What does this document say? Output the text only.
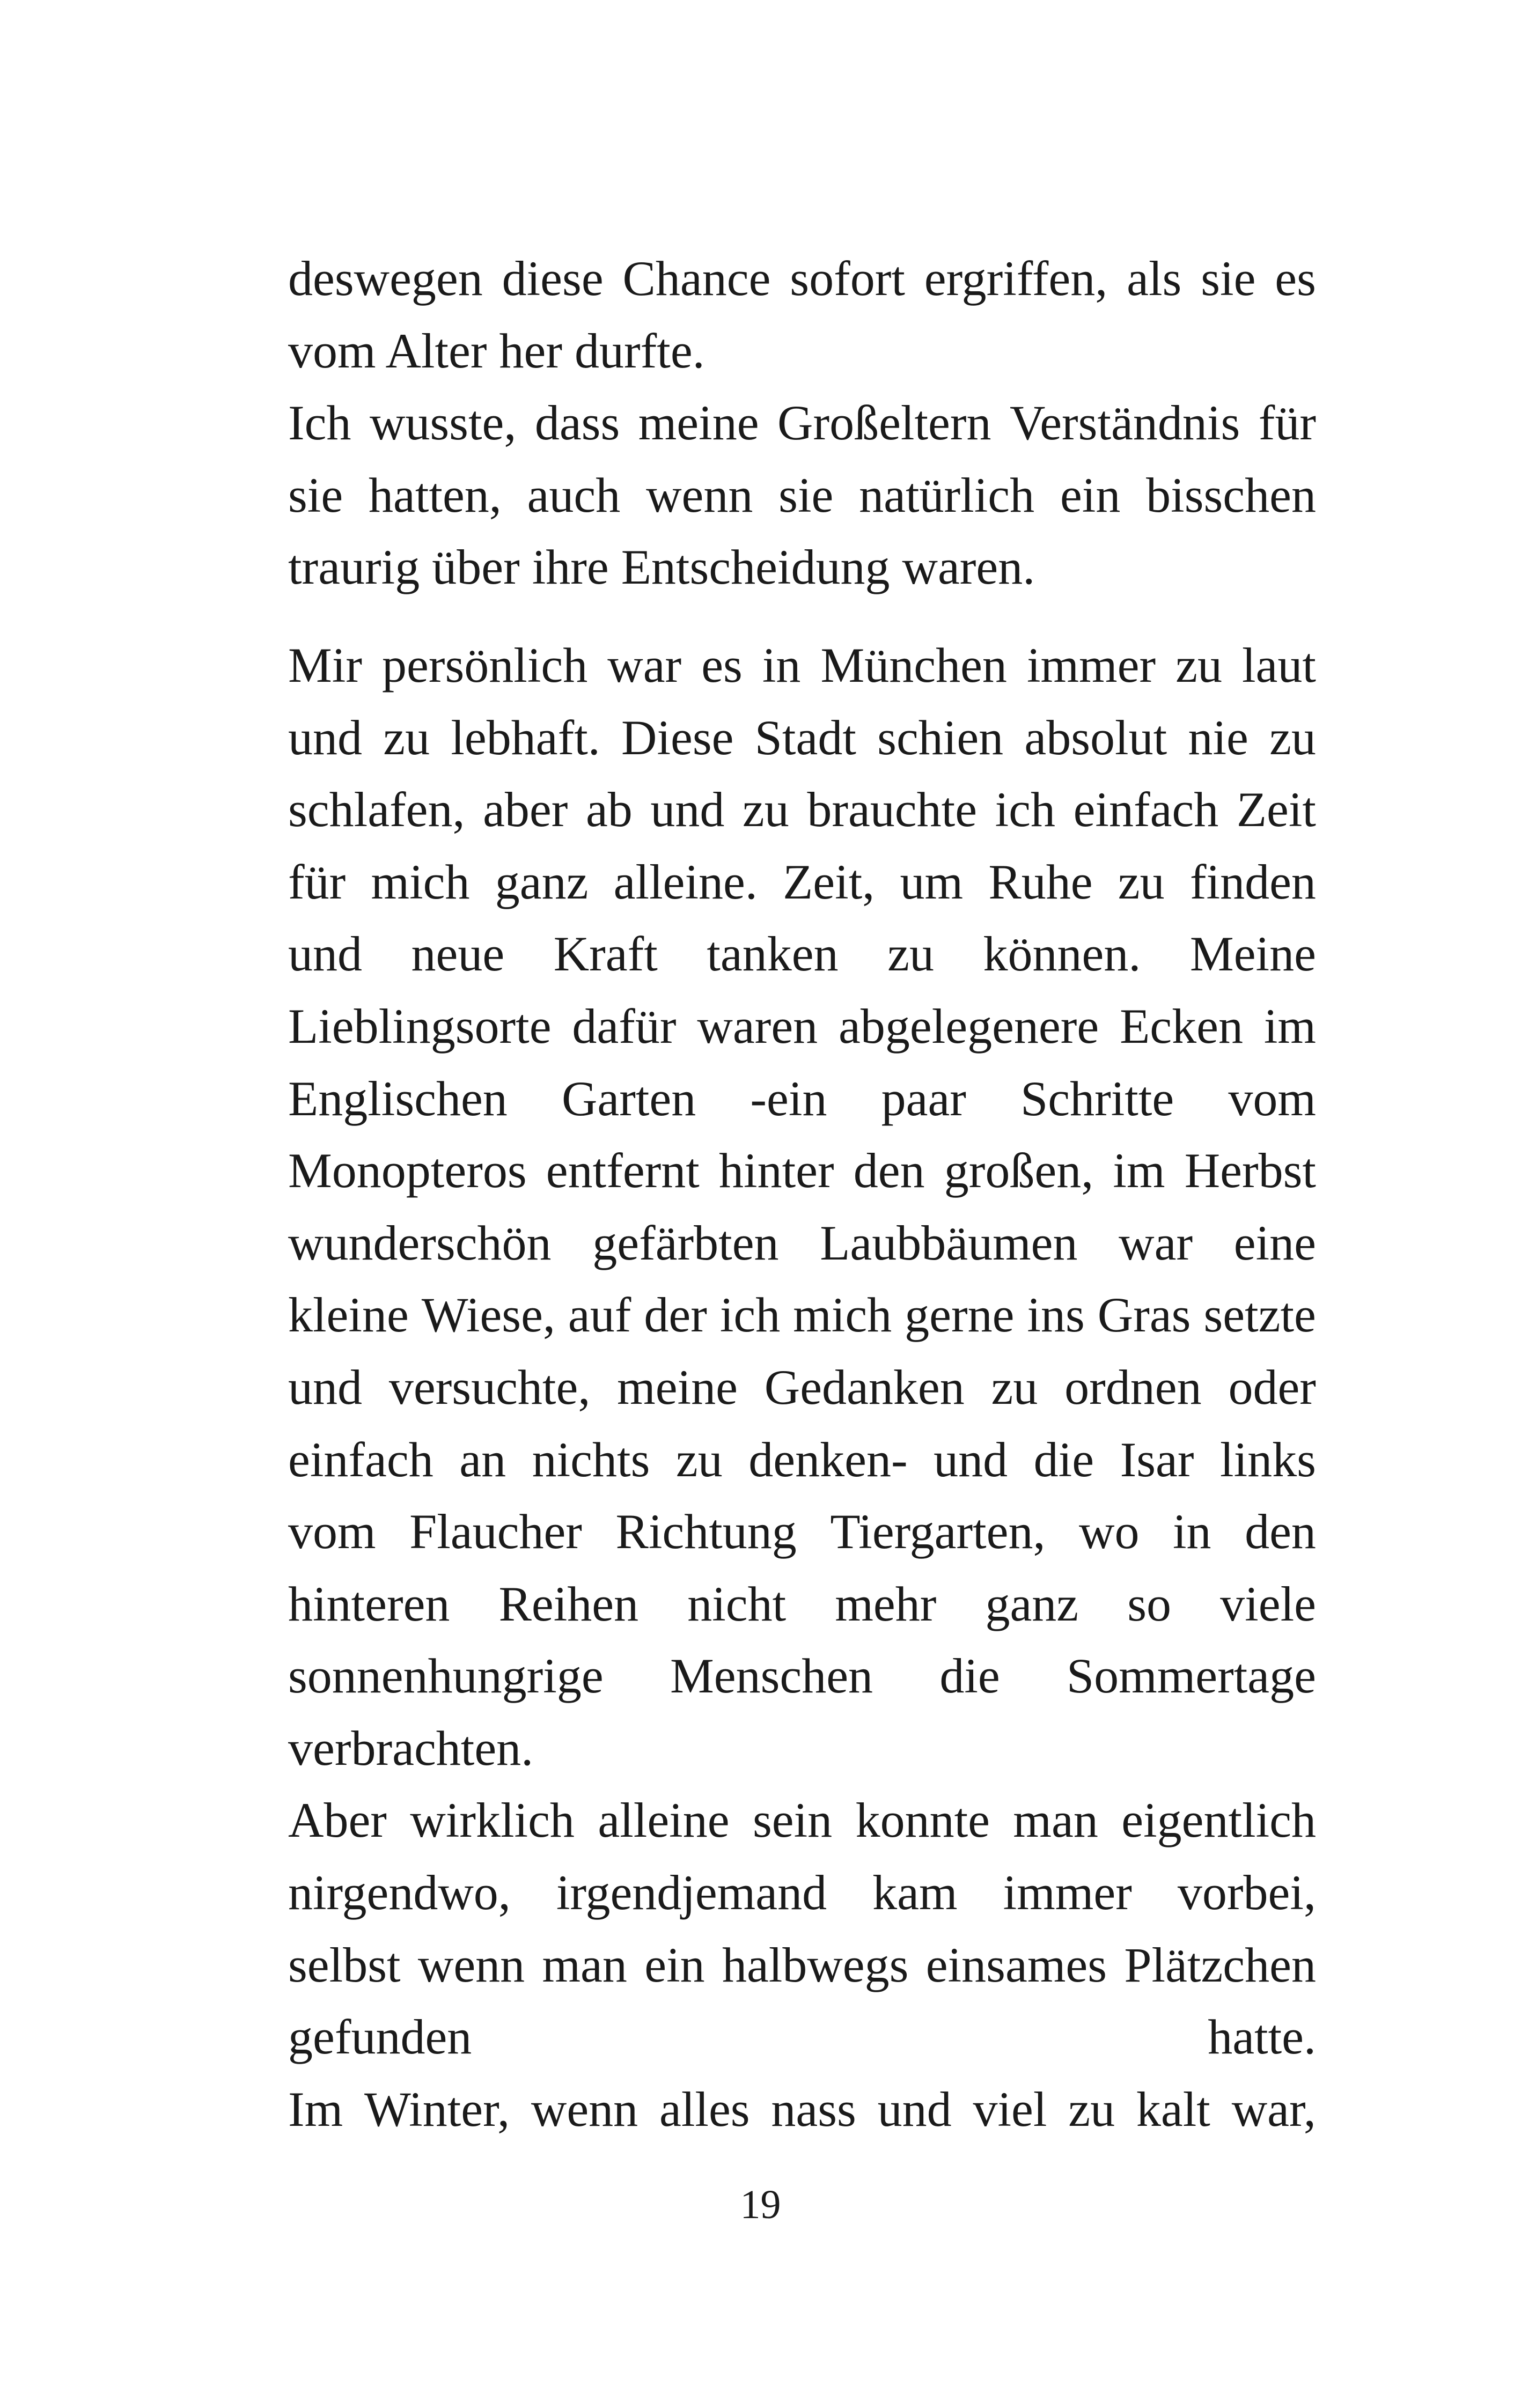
deswegen diese Chance sofort ergriffen, als sie es
vom Alter her durfte.

Ich wusste, dass meine Großeltern Verständnis für
sie hatten, auch wenn sie natürlich ein bisschen
traurig über ihre Entscheidung waren.

Mir persönlich war es in München immer zu laut
und zu lebhaft. Diese Stadt schien absolut nie zu
schlafen, aber ab und zu brauchte ich einfach Zeit
für mich ganz alleine. Zeit, um Ruhe zu finden
und neue Kraft tanken zu können. Meine
Lieblingsorte dafür waren abgelegenere Ecken im
Englischen Garten -ein paar Schritte vom
Monopteros entfernt hinter den großen, im Herbst
wunderschön gefärbten Laubbäumen war eine
kleine Wiese, auf der ich mich gerne ins Gras setzte
und versuchte, meine Gedanken zu ordnen oder
einfach an nichts zu denken- und die Isar links
vom Flaucher Richtung Tiergarten, wo in den
hinteren Reihen nicht mehr ganz so viele
sonnenhungrige Menschen die Sommertage
verbrachten.

Aber wirklich alleine sein konnte man eigentlich
nirgendwo, irgendjemand kam immer vorbei,
selbst wenn man ein halbwegs einsames Plätzchen
gefunden	hatte.

Im Winter, wenn alles nass und viel zu kalt war,

19
